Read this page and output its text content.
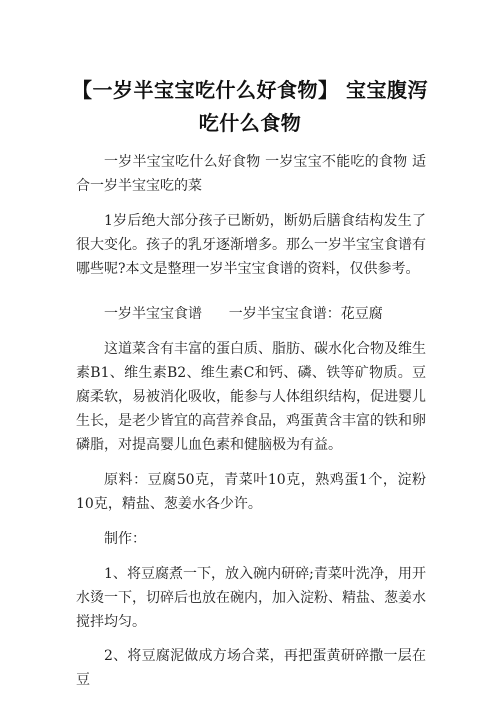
【一岁半宝宝吃什么好食物】 宝宝腹泻吃什么食物

一岁半宝宝吃什么好食物 一岁宝宝不能吃的食物 适合一岁半宝宝吃的菜

1岁后绝大部分孩子已断奶，断奶后膳食结构发生了很大变化。孩子的乳牙逐渐增多。那么一岁半宝宝食谱有哪些呢?本文是整理一岁半宝宝食谱的资料，仅供参考。

一岁半宝宝食谱      一岁半宝宝食谱：花豆腐

这道菜含有丰富的蛋白质、脂肪、碳水化合物及维生素B1、维生素B2、维生素C和钙、磷、铁等矿物质。豆腐柔软，易被消化吸收，能参与人体组织结构，促进婴儿生长，是老少皆宜的高营养食品，鸡蛋黄含丰富的铁和卵磷脂，对提高婴儿血色素和健脑极为有益。

原料：豆腐50克，青菜叶10克，熟鸡蛋1个，淀粉10克，精盐、葱姜水各少许。

制作：

1、将豆腐煮一下，放入碗内研碎;青菜叶洗净，用开水烫一下，切碎后也放在碗内，加入淀粉、精盐、葱姜水搅拌均匀。

2、将豆腐泥做成方场合菜，再把蛋黄研碎撒一层在豆
